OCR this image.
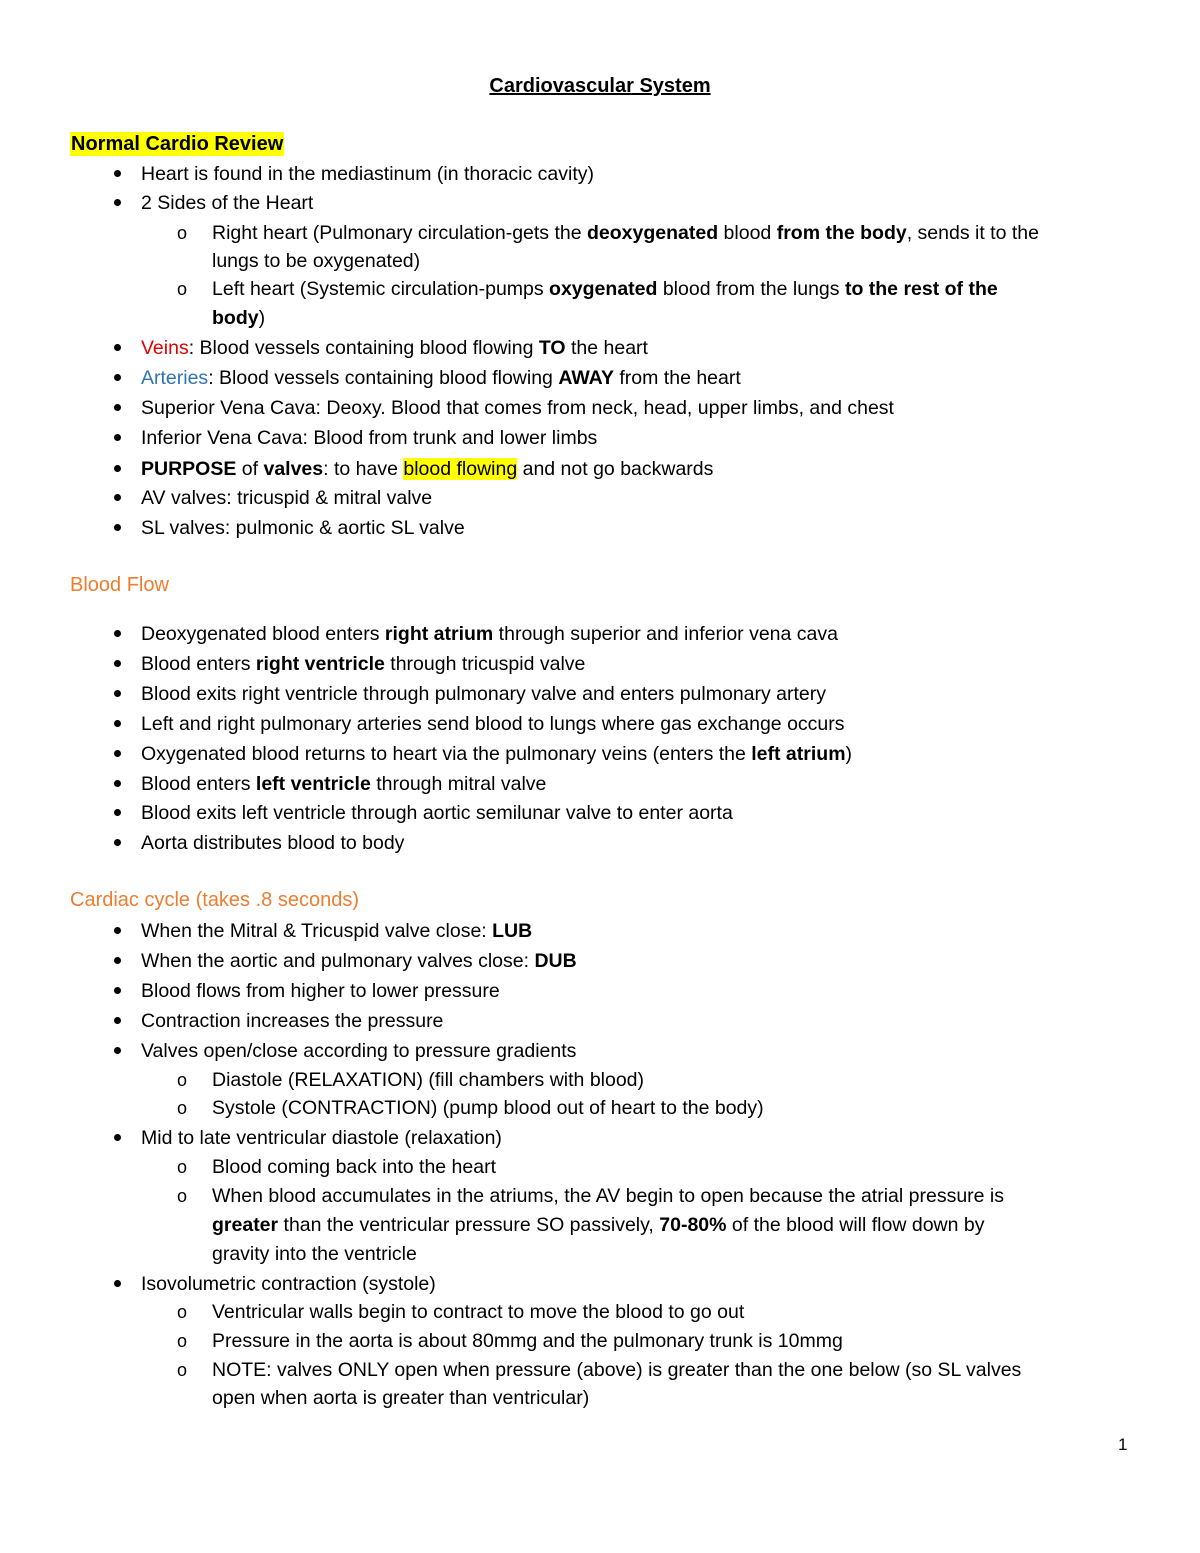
Cardiovascular System
Normal Cardio Review
Heart is found in the mediastinum (in thoracic cavity)
2 Sides of the Heart
o Right heart (Pulmonary circulation-gets the deoxygenated blood from the body, sends it to the
lungs to be oxygenated)
o Left heart (Systemic circulation-pumps oxygenated blood from the lungs to the rest of the
body)
Veins: Blood vessels containing blood flowing TO the heart
Arteries: Blood vessels containing blood flowing AWAY from the heart
Superior Vena Cava: Deoxy. Blood that comes from neck, head, upper limbs, and chest
Inferior Vena Cava: Blood from trunk and lower limbs
PURPOSE of valves: to have blood flowing and not go backwards
AV valves: tricuspid & mitral valve
SL valves: pulmonic & aortic SL valve
Blood Flow
Deoxygenated blood enters right atrium through superior and inferior vena cava
Blood enters right ventricle through tricuspid valve
Blood exits right ventricle through pulmonary valve and enters pulmonary artery
Left and right pulmonary arteries send blood to lungs where gas exchange occurs
Oxygenated blood returns to heart via the pulmonary veins (enters the left atrium)
Blood enters left ventricle through mitral valve
Blood exits left ventricle through aortic semilunar valve to enter aorta
Aorta distributes blood to body
Cardiac cycle (takes .8 seconds)
When the Mitral & Tricuspid valve close: LUB
When the aortic and pulmonary valves close: DUB
Blood flows from higher to lower pressure
Contraction increases the pressure
Valves open/close according to pressure gradients
o Diastole (RELAXATION) (fill chambers with blood)
o Systole (CONTRACTION) (pump blood out of heart to the body)
Mid to late ventricular diastole (relaxation)
o Blood coming back into the heart
o When blood accumulates in the atriums, the AV begin to open because the atrial pressure is
greater than the ventricular pressure SO passively, 70-80% of the blood will flow down by
gravity into the ventricle
Isovolumetric contraction (systole)
o Ventricular walls begin to contract to move the blood to go out
o Pressure in the aorta is about 80mmg and the pulmonary trunk is 10mmg
o NOTE: valves ONLY open when pressure (above) is greater than the one below (so SL valves
open when aorta is greater than ventricular)
1
